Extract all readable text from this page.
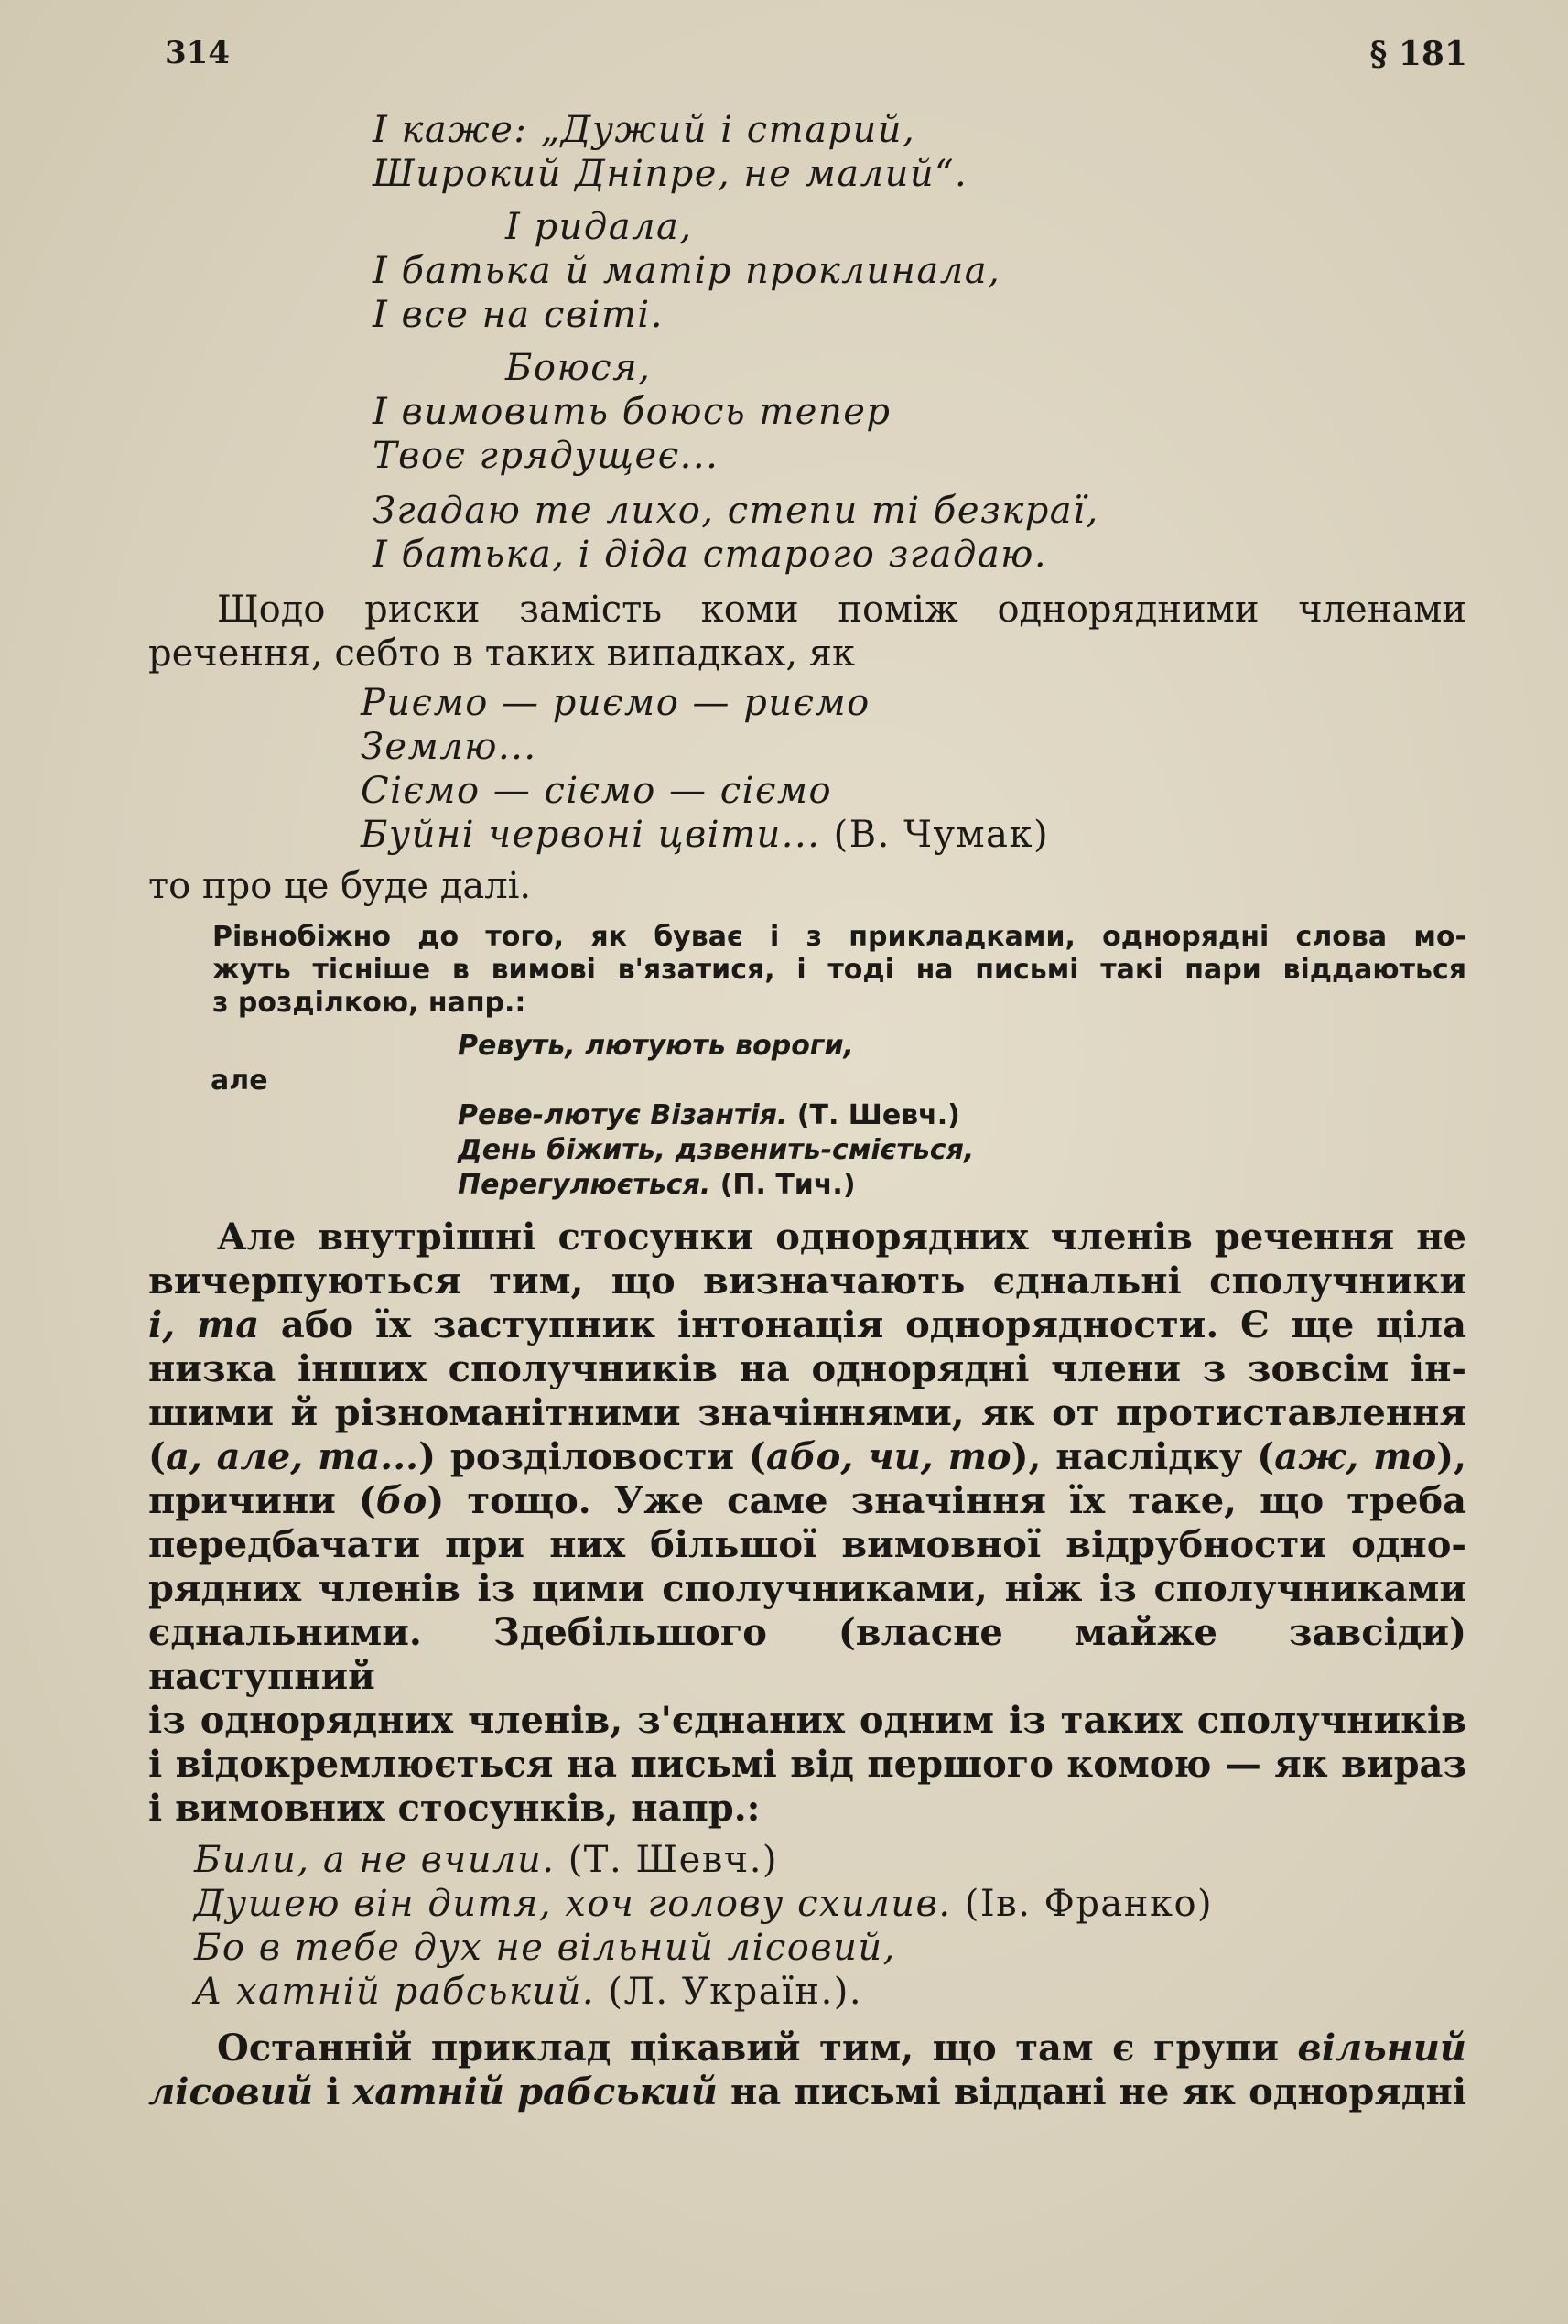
314	§ 181
І каже: „Дужий і старий,
Широкий Дніпре, не малий“.
І ридала,
І батька й матір проклинала,
І все на світі.
Боюся,
І вимовить боюсь тепер
Твоє грядущеє...
Згадаю те лихо, степи ті безкраї,
І батька, і діда старого згадаю.
Щодо риски замість коми поміж однорядними членами
речення, себто в таких випадках, як
Риємо — риємо — риємо
Землю...
Сіємо — сіємо — сіємо
Буйні червоні цвіти... (В. Чумак)
то про це буде далі.
Рівнобіжно до того, як буває і з прикладками, однорядні слова мо-
жуть тісніше в вимові в'язатися, і тоді на письмі такі пари віддаються
з розділкою, напр.:
Ревуть, лютують вороги,
але
Реве-лютує Візантія. (Т. Шевч.)
День біжить, дзвенить-сміється,
Перегулюється. (П. Тич.)
Але внутрішні стосунки однорядних членів речення не
вичерпуються тим, що визначають єднальні сполучники
і, та або їх заступник інтонація однорядности. Є ще ціла
низка інших сполучників на однорядні члени з зовсім ін-
шими й різноманітними значіннями, як от протиставлення
(а, але, та...) розділовости (або, чи, то), наслідку (аж, то),
причини (бо) тощо. Уже саме значіння їх таке, що треба
передбачати при них більшої вимовної відрубности одно-
рядних членів із цими сполучниками, ніж із сполучниками
єднальними. Здебільшого (власне майже завсіди) наступний
із однорядних членів, з'єднаних одним із таких сполучників
і відокремлюється на письмі від першого комою — як вираз
і вимовних стосунків, напр.:
Били, а не вчили. (Т. Шевч.)
Душею він дитя, хоч голову схилив. (Ів. Франко)
Бо в тебе дух не вільний лісовий,
А хатній рабський. (Л. Україн.).
Останній приклад цікавий тим, що там є групи вільний
лісовий і хатній рабський на письмі віддані не як однорядні
